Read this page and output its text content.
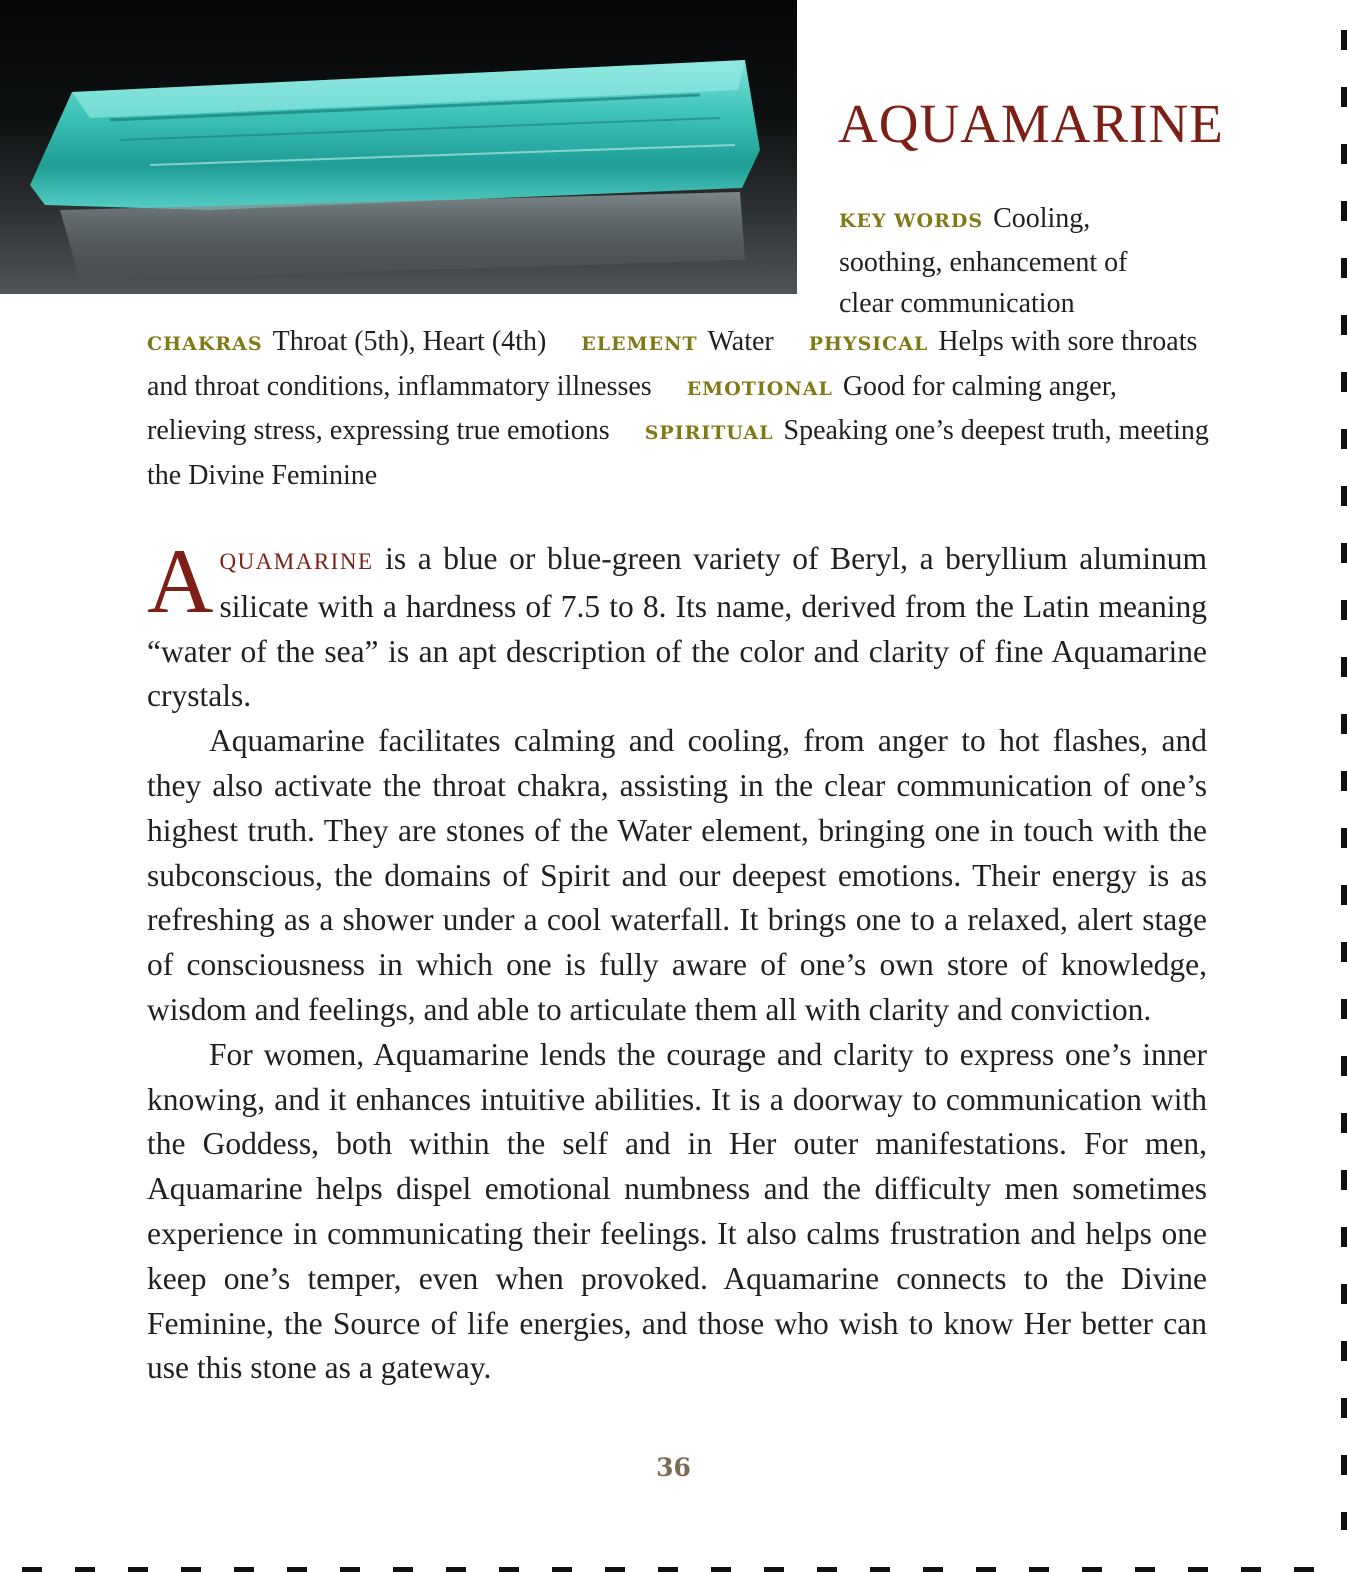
AQUAMARINE

KEY WORDS Cooling, soothing, enhancement of clear communication

CHAKRAS Throat (5th), Heart (4th) ELEMENT Water PHYSICAL Helps with sore throats and throat conditions, inflammatory illnesses EMOTIONAL Good for calming anger, relieving stress, expressing true emotions SPIRITUAL Speaking one’s deepest truth, meeting the Divine Feminine

AQUAMARINE is a blue or blue-green variety of Beryl, a beryllium aluminum silicate with a hardness of 7.5 to 8. Its name, derived from the Latin meaning “water of the sea” is an apt description of the color and clarity of fine Aquamarine crystals.

Aquamarine facilitates calming and cooling, from anger to hot flashes, and they also activate the throat chakra, assisting in the clear communication of one’s highest truth. They are stones of the Water element, bringing one in touch with the subconscious, the domains of Spirit and our deepest emotions. Their energy is as refreshing as a shower under a cool waterfall. It brings one to a relaxed, alert stage of consciousness in which one is fully aware of one’s own store of knowledge, wisdom and feelings, and able to articulate them all with clarity and conviction.

For women, Aquamarine lends the courage and clarity to express one’s inner knowing, and it enhances intuitive abilities. It is a doorway to communication with the Goddess, both within the self and in Her outer manifestations. For men, Aquamarine helps dispel emotional numbness and the difficulty men sometimes experience in communicating their feelings. It also calms frustration and helps one keep one’s temper, even when provoked. Aquamarine connects to the Divine Feminine, the Source of life energies, and those who wish to know Her better can use this stone as a gateway.

36
